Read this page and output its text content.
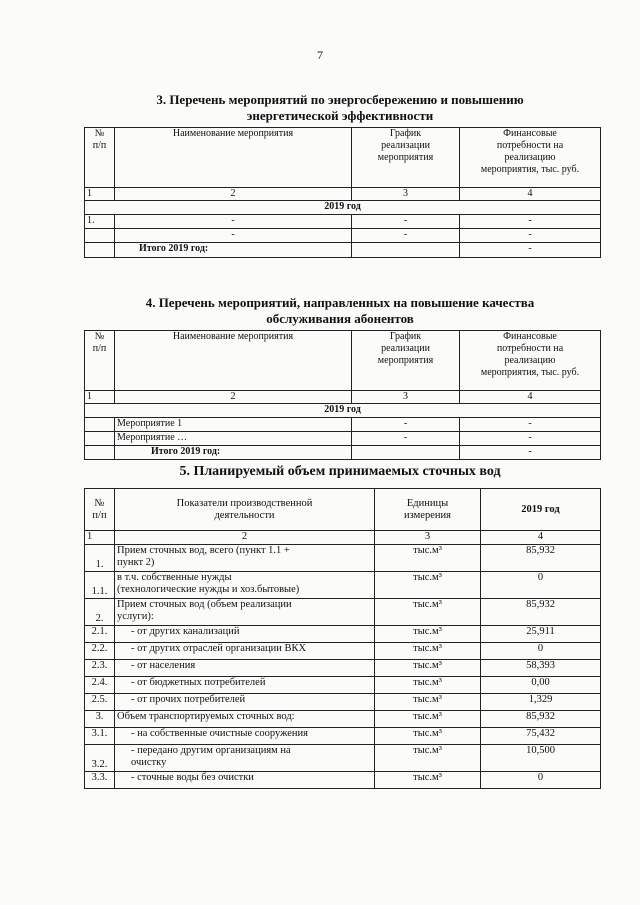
7
3. Перечень мероприятий по энергосбережению и повышению
энергетической эффективности
№
п/п	Наименование мероприятия	График
реализации
мероприятия	Финансовые
потребности на
реализацию
мероприятия, тыс. руб.
1	2	3	4
2019 год			
1.	-	-	-
	-	-	-
	Итого 2019 год:		-
4. Перечень мероприятий, направленных на повышение качества
обслуживания абонентов
№
п/п	Наименование мероприятия	График
реализации
мероприятия	Финансовые
потребности на
реализацию
мероприятия, тыс. руб.
1	2	3	4
2019 год			
	Мероприятие 1	-	-
	Мероприятие …	-	-
	Итого 2019 год:		-
5. Планируемый объем принимаемых сточных вод
№
п/п	Показатели производственной
деятельности	Единицы
измерения	2019 год
1	2	3	4
1.	Прием сточных вод, всего (пункт 1.1 +
пункт 2)	тыс.м³	85,932
1.1.	в т.ч. собственные нужды
(технологические нужды и хоз.бытовые)	тыс.м³	0
2.	Прием сточных вод (объем реализации
услуги):	тыс.м³	85,932
2.1.	- от других канализаций	тыс.м³	25,911
2.2.	- от других отраслей организации ВКХ	тыс.м³	0
2.3.	- от населения	тыс.м³	58,393
2.4.	- от бюджетных потребителей	тыс.м³	0,00
2.5.	- от прочих потребителей	тыс.м³	1,329
3.	Объем транспортируемых сточных вод:	тыс.м³	85,932
3.1.	- на собственные очистные сооружения	тыс.м³	75,432
3.2.	- передано другим организациям на
очистку	тыс.м³	10,500
3.3.	- сточные воды без очистки	тыс.м³	0
